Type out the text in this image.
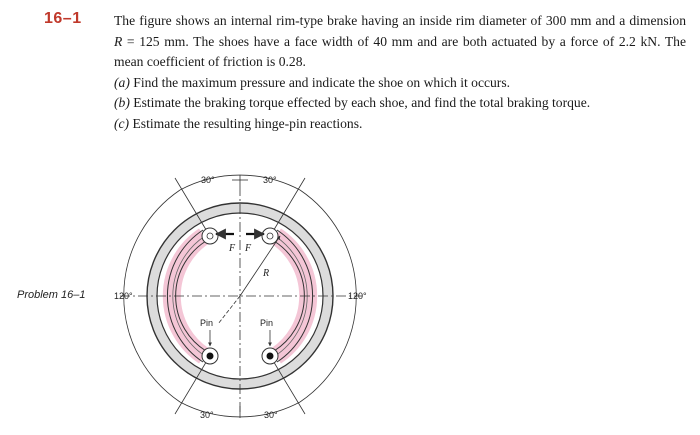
16–1 The figure shows an internal rim-type brake having an inside rim diameter of 300 mm and a dimension R = 125 mm. The shoes have a face width of 40 mm and are both actuated by a force of 2.2 kN. The mean coefficient of friction is 0.28.

(a) Find the maximum pressure and indicate the shoe on which it occurs.

(b) Estimate the braking torque effected by each shoe, and find the total braking torque.

(c) Estimate the resulting hinge-pin reactions.

Problem 16–1
30°	30°
120°	120°
30°	30°
F F
R
Pin	Pin
